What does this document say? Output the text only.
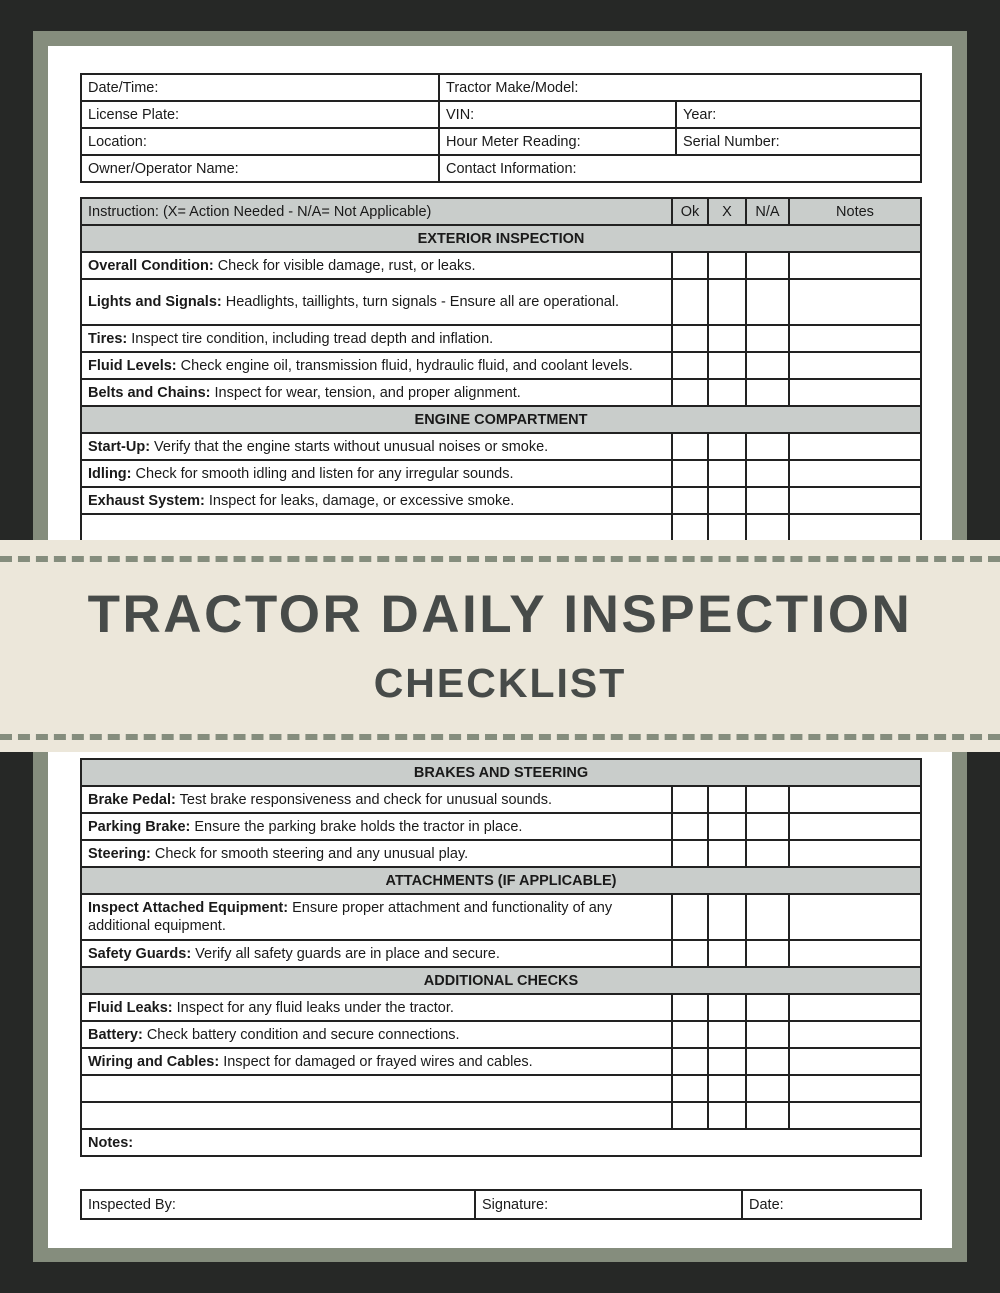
Date/Time:	Tractor Make/Model:	
License Plate:	VIN:	Year:
Location:	Hour Meter Reading:	Serial Number:
Owner/Operator Name:	Contact Information:	
Instruction: (X= Action Needed - N/A= Not Applicable)	Ok	X	N/A	Notes
EXTERIOR INSPECTION				
Overall Condition: Check for visible damage, rust, or leaks.				
Lights and Signals: Headlights, taillights, turn signals - Ensure all are operational.				
Tires: Inspect tire condition, including tread depth and inflation.				
Fluid Levels: Check engine oil, transmission fluid, hydraulic fluid, and coolant levels.				
Belts and Chains: Inspect for wear, tension, and proper alignment.				
ENGINE COMPARTMENT				
Start-Up: Verify that the engine starts without unusual noises or smoke.				
Idling: Check for smooth idling and listen for any irregular sounds.				
Exhaust System: Inspect for leaks, damage, or excessive smoke.				

BRAKES AND STEERING				
Brake Pedal: Test brake responsiveness and check for unusual sounds.				
Parking Brake: Ensure the parking brake holds the tractor in place.				
Steering: Check for smooth steering and any unusual play.				
ATTACHMENTS (IF APPLICABLE)				
Inspect Attached Equipment: Ensure proper attachment and functionality of any additional equipment.				
Safety Guards: Verify all safety guards are in place and secure.				
ADDITIONAL CHECKS				
Fluid Leaks: Inspect for any fluid leaks under the tractor.				
Battery: Check battery condition and secure connections.				
Wiring and Cables: Inspect for damaged or frayed wires and cables.				

Notes:				
Inspected By:	Signature:	Date:
TRACTOR DAILY INSPECTION
CHECKLIST
